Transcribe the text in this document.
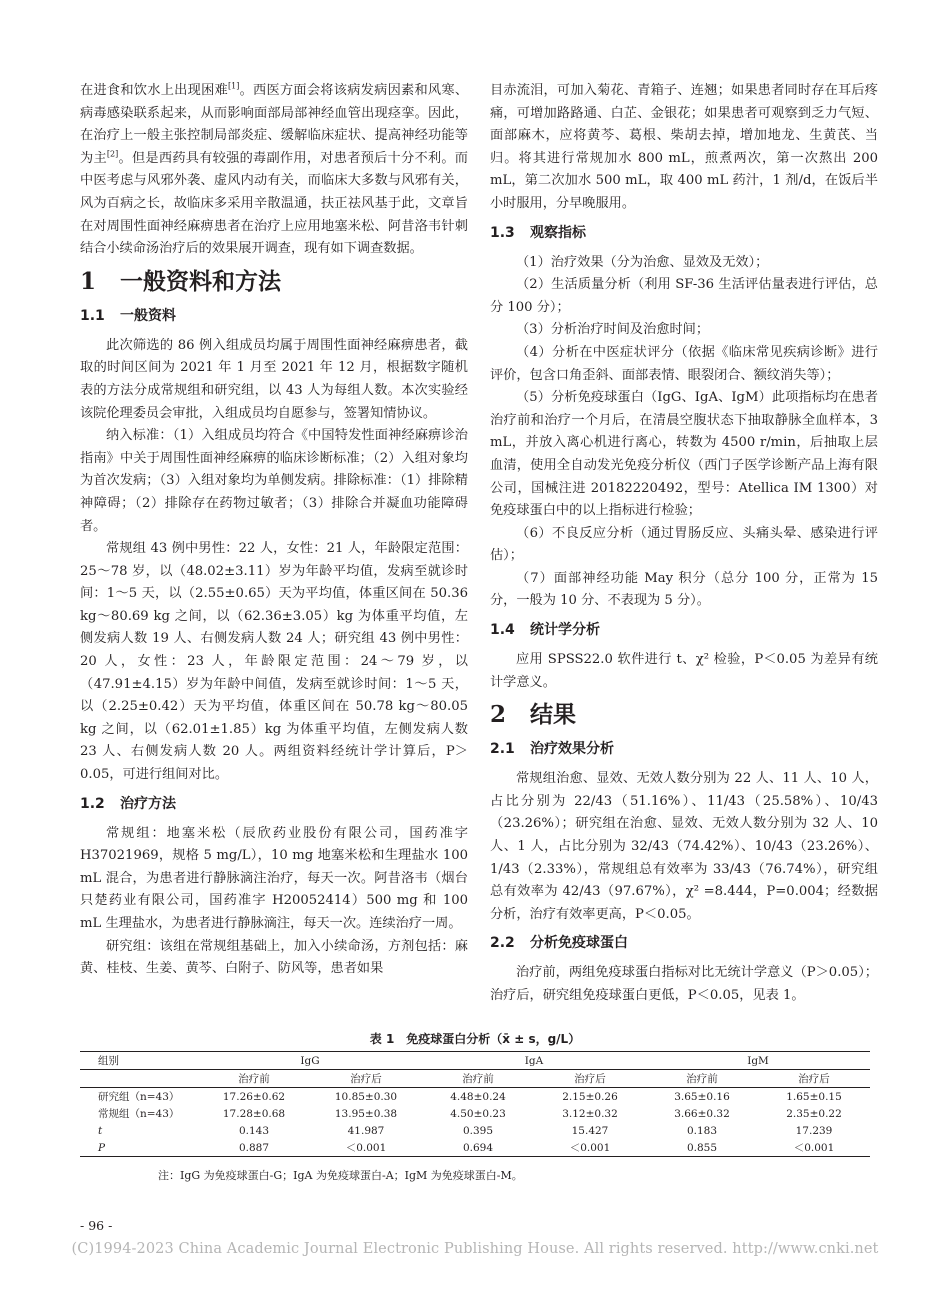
在进食和饮水上出现困难[1]。西医方面会将该病发病因素和风寒、病毒感染联系起来，从而影响面部局部神经血管出现痉挛。因此，在治疗上一般主张控制局部炎症、缓解临床症状、提高神经功能等为主[2]。但是西药具有较强的毒副作用，对患者预后十分不利。而中医考虑与风邪外袭、虚风内动有关，而临床大多数与风邪有关，风为百病之长，故临床多采用辛散温通，扶正祛风基于此，文章旨在对周围性面神经麻痹患者在治疗上应用地塞米松、阿昔洛韦针刺结合小续命汤治疗后的效果展开调查，现有如下调查数据。

1 一般资料和方法
1.1 一般资料

此次筛选的 86 例入组成员均属于周围性面神经麻痹患者，截取的时间区间为 2021 年 1 月至 2021 年 12 月，根据数字随机表的方法分成常规组和研究组，以 43 人为每组人数。本次实验经该院伦理委员会审批，入组成员均自愿参与，签署知情协议。

纳入标准：（1）入组成员均符合《中国特发性面神经麻痹诊治指南》中关于周围性面神经麻痹的临床诊断标准；（2）入组对象均为首次发病；（3）入组对象均为单侧发病。排除标准：（1）排除精神障碍；（2）排除存在药物过敏者；（3）排除合并凝血功能障碍者。

常规组 43 例中男性：22 人，女性：21 人，年龄限定范围：25～78 岁，以（48.02±3.11）岁为年龄平均值，发病至就诊时间：1～5 天，以（2.55±0.65）天为平均值，体重区间在 50.36 kg～80.69 kg 之间，以（62.36±3.05）kg 为体重平均值，左侧发病人数 19 人、右侧发病人数 24 人；研究组 43 例中男性：20 人，女性：23 人，年龄限定范围：24～79 岁，以（47.91±4.15）岁为年龄中间值，发病至就诊时间：1～5 天，以（2.25±0.42）天为平均值，体重区间在 50.78 kg～80.05 kg 之间，以（62.01±1.85）kg 为体重平均值，左侧发病人数 23 人、右侧发病人数 20 人。两组资料经统计学计算后，P＞0.05，可进行组间对比。

1.2 治疗方法

常规组：地塞米松（辰欣药业股份有限公司，国药准字 H37021969，规格 5 mg/L），10 mg 地塞米松和生理盐水 100 mL 混合，为患者进行静脉滴注治疗，每天一次。阿昔洛韦（烟台只楚药业有限公司，国药准字 H20052414）500 mg 和 100 mL 生理盐水，为患者进行静脉滴注，每天一次。连续治疗一周。

研究组：该组在常规组基础上，加入小续命汤，方剂包括：麻黄、桂枝、生姜、黄芩、白附子、防风等，患者如果

目赤流泪，可加入菊花、青箱子、连翘；如果患者同时存在耳后疼痛，可增加路路通、白芷、金银花；如果患者可观察到乏力气短、面部麻木，应将黄芩、葛根、柴胡去掉，增加地龙、生黄芪、当归。将其进行常规加水 800 mL，煎煮两次，第一次熬出 200 mL，第二次加水 500 mL，取 400 mL 药汁，1 剂/d，在饭后半小时服用，分早晚服用。

1.3 观察指标

（1）治疗效果（分为治愈、显效及无效）；

（2）生活质量分析（利用 SF-36 生活评估量表进行评估，总分 100 分）；

（3）分析治疗时间及治愈时间；

（4）分析在中医症状评分（依据《临床常见疾病诊断》进行评价，包含口角歪斜、面部表情、眼裂闭合、额纹消失等）；

（5）分析免疫球蛋白（IgG、IgA、IgM）此项指标均在患者治疗前和治疗一个月后，在清晨空腹状态下抽取静脉全血样本，3 mL，并放入离心机进行离心，转数为 4500 r/min，后抽取上层血清，使用全自动发光免疫分析仪（西门子医学诊断产品上海有限公司，国械注进 20182220492，型号：Atellica IM 1300）对免疫球蛋白中的以上指标进行检验；

（6）不良反应分析（通过胃肠反应、头痛头晕、感染进行评估）；

（7）面部神经功能 May 积分（总分 100 分，正常为 15 分，一般为 10 分、不表现为 5 分）。

1.4 统计学分析

应用 SPSS22.0 软件进行 t、χ² 检验，P＜0.05 为差异有统计学意义。

2 结果
2.1 治疗效果分析

常规组治愈、显效、无效人数分别为 22 人、11 人、10 人，占比分别为 22/43（51.16%）、11/43（25.58%）、10/43（23.26%）；研究组在治愈、显效、无效人数分别为 32 人、10 人、1 人，占比分别为 32/43（74.42%）、10/43（23.26%）、1/43（2.33%），常规组总有效率为 33/43（76.74%），研究组总有效率为 42/43（97.67%），χ² =8.444，P=0.004；经数据分析，治疗有效率更高，P＜0.05。

2.2 分析免疫球蛋白

治疗前，两组免疫球蛋白指标对比无统计学意义（P＞0.05）；治疗后，研究组免疫球蛋白更低，P＜0.05，见表 1。

表 1　免疫球蛋白分析（x̄ ± s，g/L）
组别	IgG		IgA		IgM	
	治疗前	治疗后	治疗前	治疗后	治疗前	治疗后
研究组（n=43）	17.26±0.62	10.85±0.30	4.48±0.24	2.15±0.26	3.65±0.16	1.65±0.15
常规组（n=43）	17.28±0.68	13.95±0.38	4.50±0.23	3.12±0.32	3.66±0.32	2.35±0.22
t	0.143	41.987	0.395	15.427	0.183	17.239
P	0.887	＜0.001	0.694	＜0.001	0.855	＜0.001
注：IgG 为免疫球蛋白-G；IgA 为免疫球蛋白-A；IgM 为免疫球蛋白-M。
- 96 -
(C)1994-2023 China Academic Journal Electronic Publishing House. All rights reserved. http://www.cnki.net
